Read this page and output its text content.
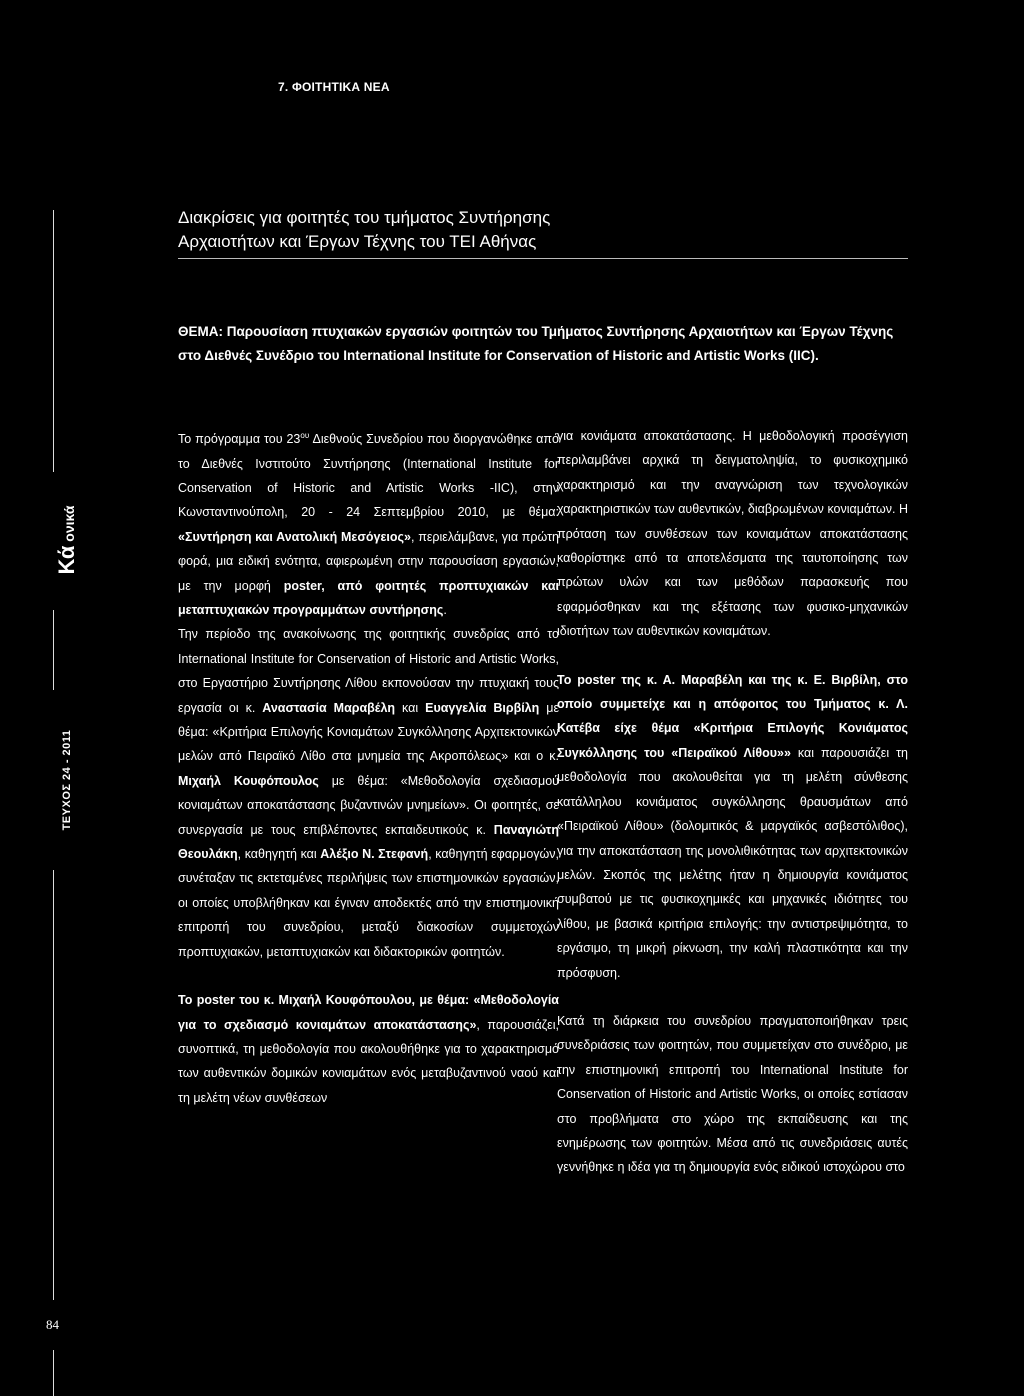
7. ΦΟΙΤΗΤΙΚΑ ΝΕΑ
Διακρίσεις για φοιτητές του τμήματος Συντήρησης
Αρχαιοτήτων και Έργων Τέχνης του ΤΕΙ Αθήνας
ΘΕΜΑ: Παρουσίαση πτυχιακών εργασιών φοιτητών του Τμήματος Συντήρησης Αρχαιοτήτων και Έργων Τέχνης στο Διεθνές Συνέδριο του International Institute for Conservation of Historic and Artistic Works (IIC).

Το πρόγραμμα του $23^{o\upsilon}$ Διεθνούς Συνεδρίου που διοργανώθηκε από το Διεθνές Ινστιτούτο Συντήρησης (International Institute for Conservation of Historic and Artistic Works -IIC), στην Κωνσταντινούπολη, 20 - 24 Σεπτεμβρίου 2010, με θέμα: «Συντήρηση και Ανατολική Μεσόγειος», περιελάμβανε, για πρώτη φορά, μια ειδική ενότητα, αφιερωμένη στην παρουσίαση εργασιών, με την μορφή poster, από φοιτητές προπτυχιακών και μεταπτυχιακών προγραμμάτων συντήρησης.

Την περίοδο της ανακοίνωσης της φοιτητικής συνεδρίας από το International Institute for Conservation of Historic and Artistic Works, στο Εργαστήριο Συντήρησης Λίθου εκπονούσαν την πτυχιακή τους εργασία οι κ. Αναστασία Μαραβέλη και Ευαγγελία Βιρβίλη με θέμα: «Κριτήρια Επιλογής Κονιαμάτων Συγκόλλησης Αρχιτεκτονικών μελών από Πειραϊκό Λίθο στα μνημεία της Ακροπόλεως» και ο κ. Μιχαήλ Κουφόπουλος με θέμα: «Μεθοδολογία σχεδιασμού κονιαμάτων αποκατάστασης βυζαντινών μνημείων». Οι φοιτητές, σε συνεργασία με τους επιβλέποντες εκπαιδευτικούς κ. Παναγιώτη Θεουλάκη, καθηγητή και Αλέξιο Ν. Στεφανή, καθηγητή εφαρμογών, συνέταξαν τις εκτεταμένες περιλήψεις των επιστημονικών εργασιών, οι οποίες υποβλήθηκαν και έγιναν αποδεκτές από την επιστημονική επιτροπή του συνεδρίου, μεταξύ διακοσίων συμμετοχών προπτυχιακών, μεταπτυχιακών και διδακτορικών φοιτητών.

Το poster του κ. Μιχαήλ Κουφόπουλου, με θέμα: «Μεθοδολογία για το σχεδιασμό κονιαμάτων αποκατάστασης», παρουσιάζει, συνοπτικά, τη μεθοδολογία που ακολουθήθηκε για το χαρακτηρισμό των αυθεντικών δομικών κονιαμάτων ενός μεταβυζαντινού ναού και τη μελέτη νέων συνθέσεων

για κονιάματα αποκατάστασης. Η μεθοδολογική προσέγγιση περιλαμβάνει αρχικά τη δειγματοληψία, το φυσικοχημικό χαρακτηρισμό και την αναγνώριση των τεχνολογικών χαρακτηριστικών των αυθεντικών, διαβρωμένων κονιαμάτων. Η πρόταση των συνθέσεων των κονιαμάτων αποκατάστασης καθορίστηκε από τα αποτελέσματα της ταυτοποίησης των πρώτων υλών και των μεθόδων παρασκευής που εφαρμόσθηκαν και της εξέτασης των φυσικο-μηχανικών ιδιοτήτων των αυθεντικών κονιαμάτων.

Το poster της κ. Α. Μαραβέλη και της κ. Ε. Βιρβίλη, στο οποίο συμμετείχε και η απόφοιτος του Τμήματος κ. Λ. Κατέβα είχε θέμα «Κριτήρια Επιλογής Κονιάματος Συγκόλλησης του «Πειραϊκού Λίθου»» και παρουσιάζει τη μεθοδολογία που ακολουθείται για τη μελέτη σύνθεσης κατάλληλου κονιάματος συγκόλλησης θραυσμάτων από «Πειραϊκού Λίθου» (δολομιτικός & μαργαϊκός ασβεστόλιθος), για την αποκατάσταση της μονολιθικότητας των αρχιτεκτονικών μελών. Σκοπός της μελέτης ήταν η δημιουργία κονιάματος συμβατού με τις φυσικοχημικές και μηχανικές ιδιότητες του λίθου, με βασικά κριτήρια επιλογής: την αντιστρεψιμότητα, το εργάσιμο, τη μικρή ρίκνωση, την καλή πλαστικότητα και την πρόσφυση.

Κατά τη διάρκεια του συνεδρίου πραγματοποιήθηκαν τρεις συνεδριάσεις των φοιτητών, που συμμετείχαν στο συνέδριο, με την επιστημονική επιτροπή του International Institute for Conservation of Historic and Artistic Works, οι οποίες εστίασαν στο προβλήματα στο χώρο της εκπαίδευσης και της ενημέρωσης των φοιτητών. Μέσα από τις συνεδριάσεις αυτές γεννήθηκε η ιδέα για τη δημιουργία ενός ειδικού ιστοχώρου στο

Κά ονικά
ΤΕΥΧΟΣ 24 - 2011
84
